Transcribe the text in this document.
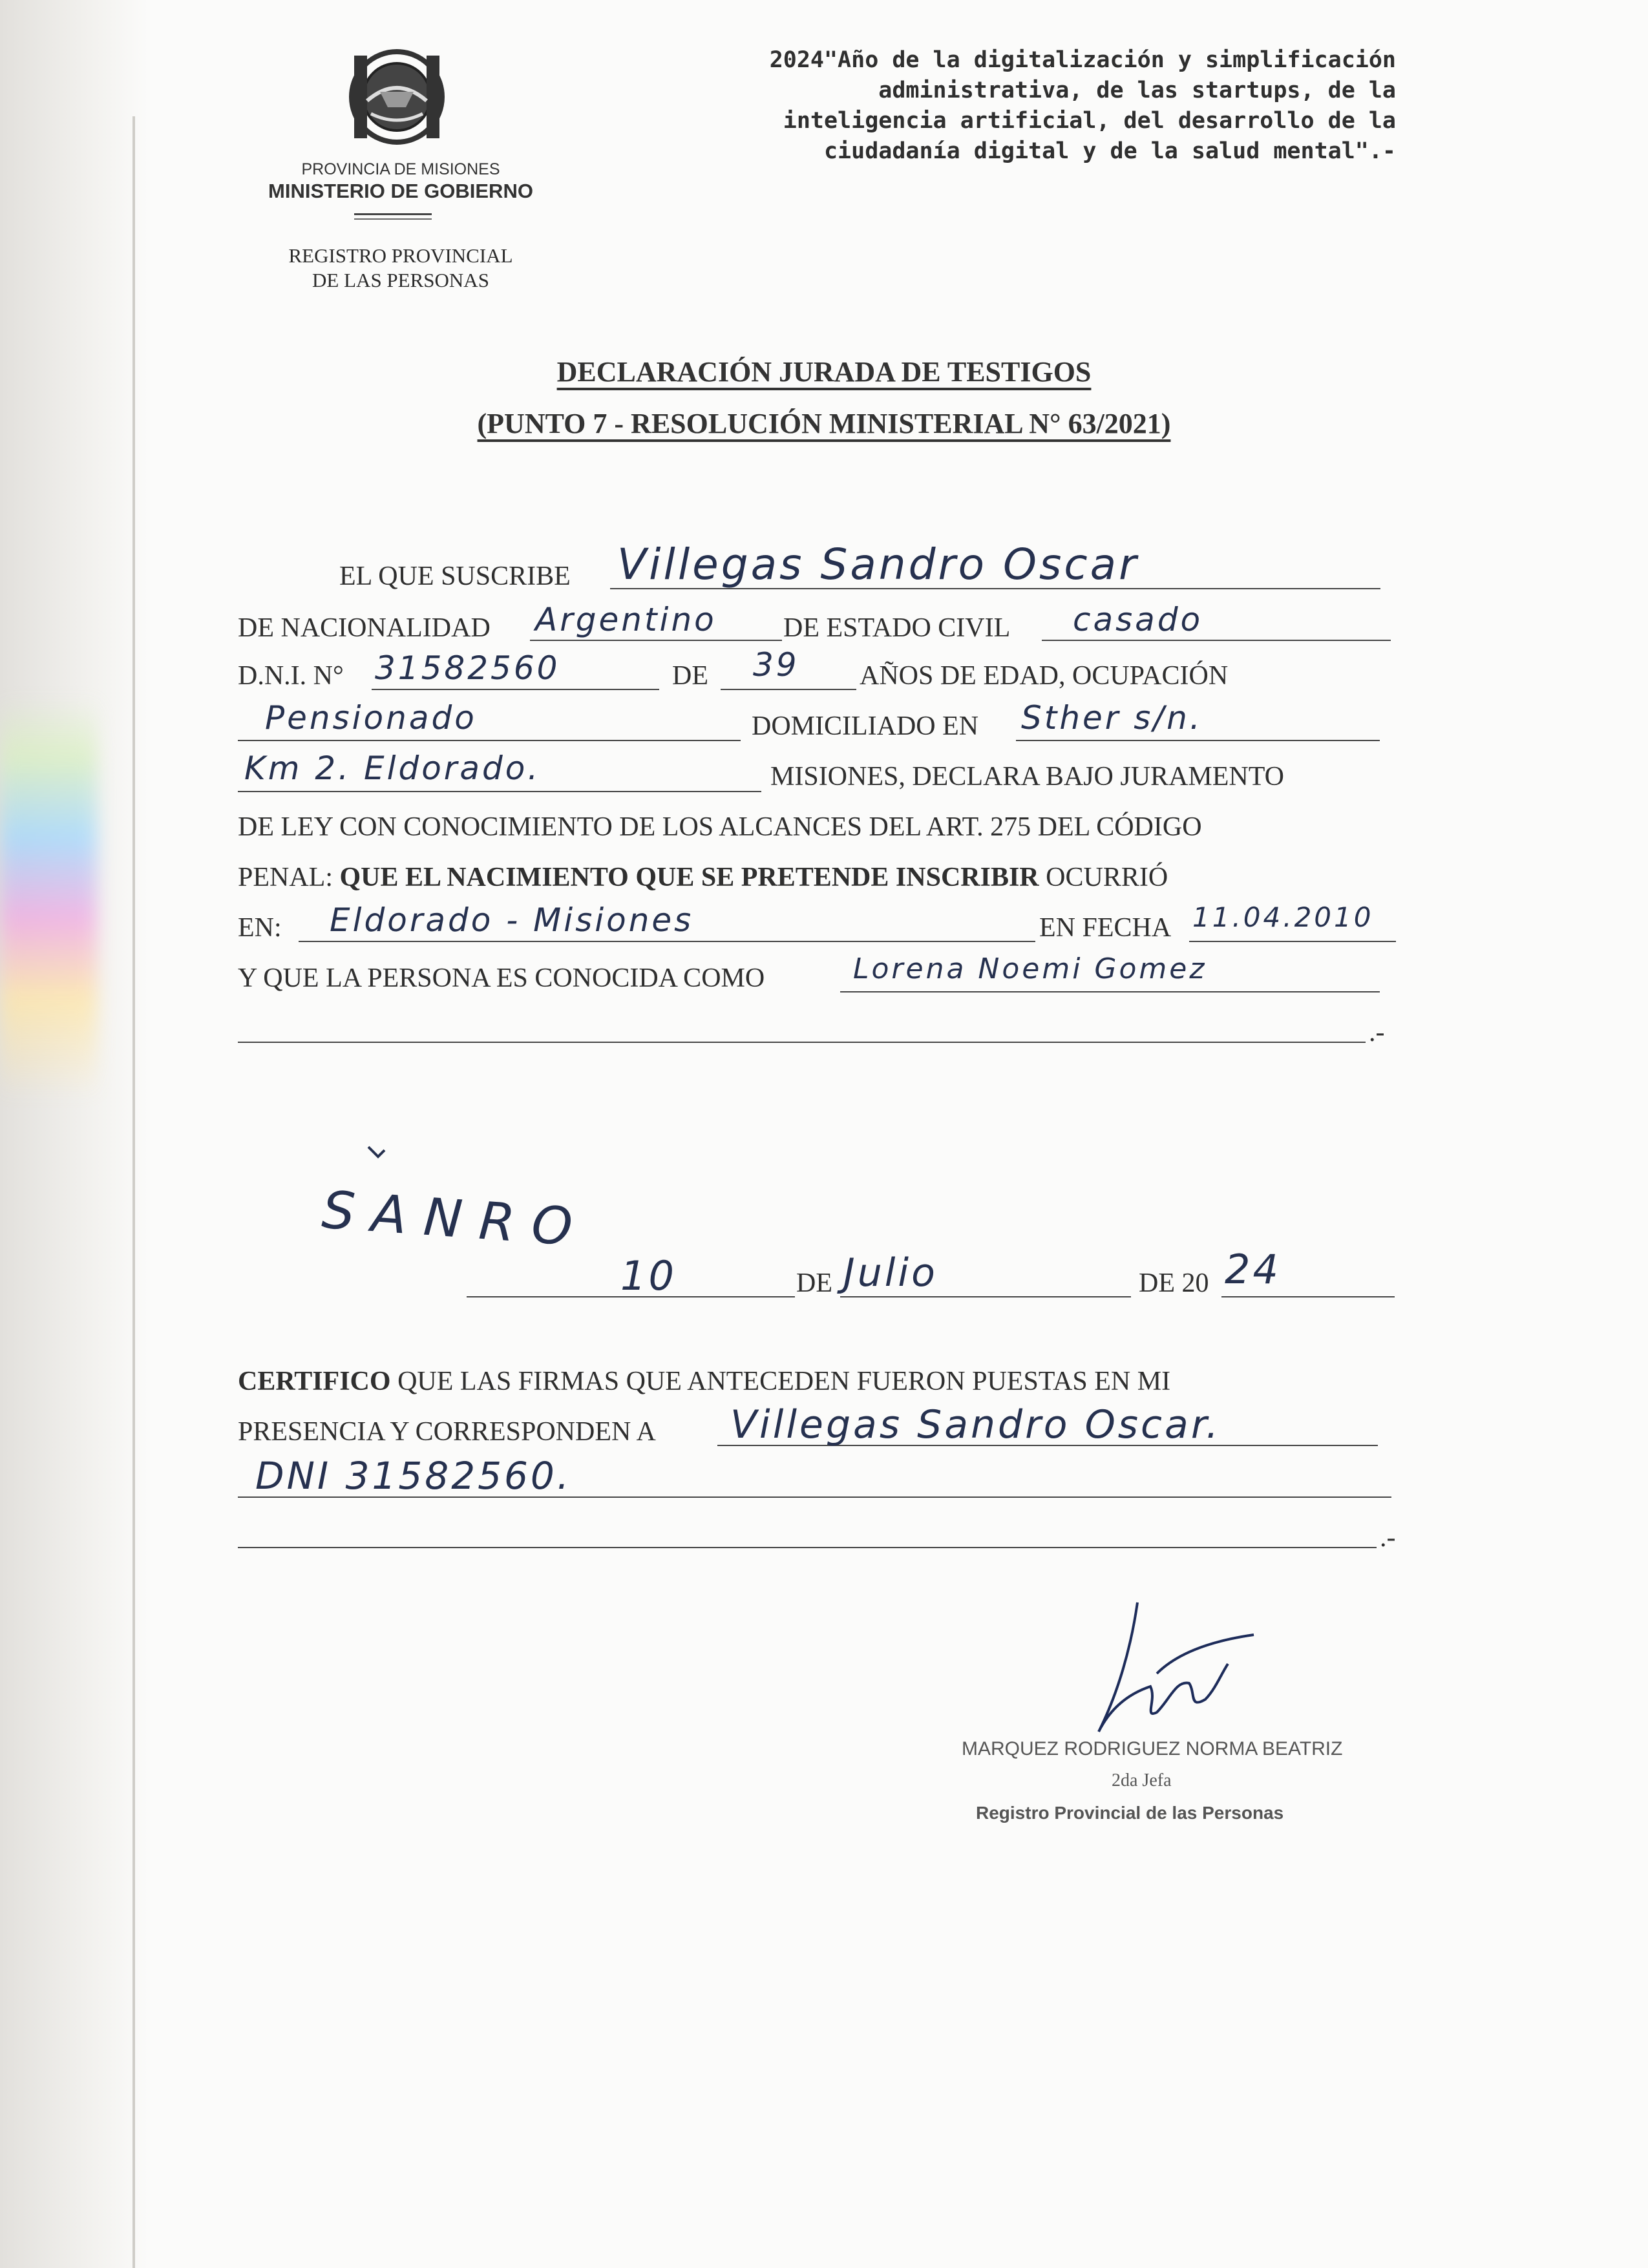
PROVINCIA DE MISIONES
MINISTERIO DE GOBIERNO
REGISTRO PROVINCIAL
DE LAS PERSONAS
2024"Año de la digitalización y simplificación
administrativa, de las startups, de la
inteligencia artificial, del desarrollo de la
ciudadanía digital y de la salud mental".-
DECLARACIÓN JURADA DE TESTIGOS
(PUNTO 7 - RESOLUCIÓN MINISTERIAL N° 63/2021)
EL QUE SUSCRIBE Villegas Sandro Oscar
DE NACIONALIDAD Argentino DE ESTADO CIVIL casado
D.N.I. N° 31582560	DE 39 AÑOS DE EDAD, OCUPACIÓN
Pensionado	DOMICILIADO EN Sther s/n.
Km 2. Eldorado.	MISIONES, DECLARA BAJO JURAMENTO
DE LEY CON CONOCIMIENTO DE LOS ALCANCES DEL ART. 275 DEL CÓDIGO
PENAL: QUE EL NACIMIENTO QUE SE PRETENDE INSCRIBIR OCURRIÓ
EN: Eldorado - Misiones	EN FECHA 11.04.2010
Y QUE LA PERSONA ES CONOCIDA COMO	Lorena Noemi Gomez
.-
SANRO
10	DE Julio	DE 20 24
CERTIFICO QUE LAS FIRMAS QUE ANTECEDEN FUERON PUESTAS EN MI
PRESENCIA Y CORRESPONDEN A Villegas Sandro Oscar.
DNI 31582560.
.-
MARQUEZ RODRIGUEZ NORMA BEATRIZ
2da Jefa
Registro Provincial de las Personas
